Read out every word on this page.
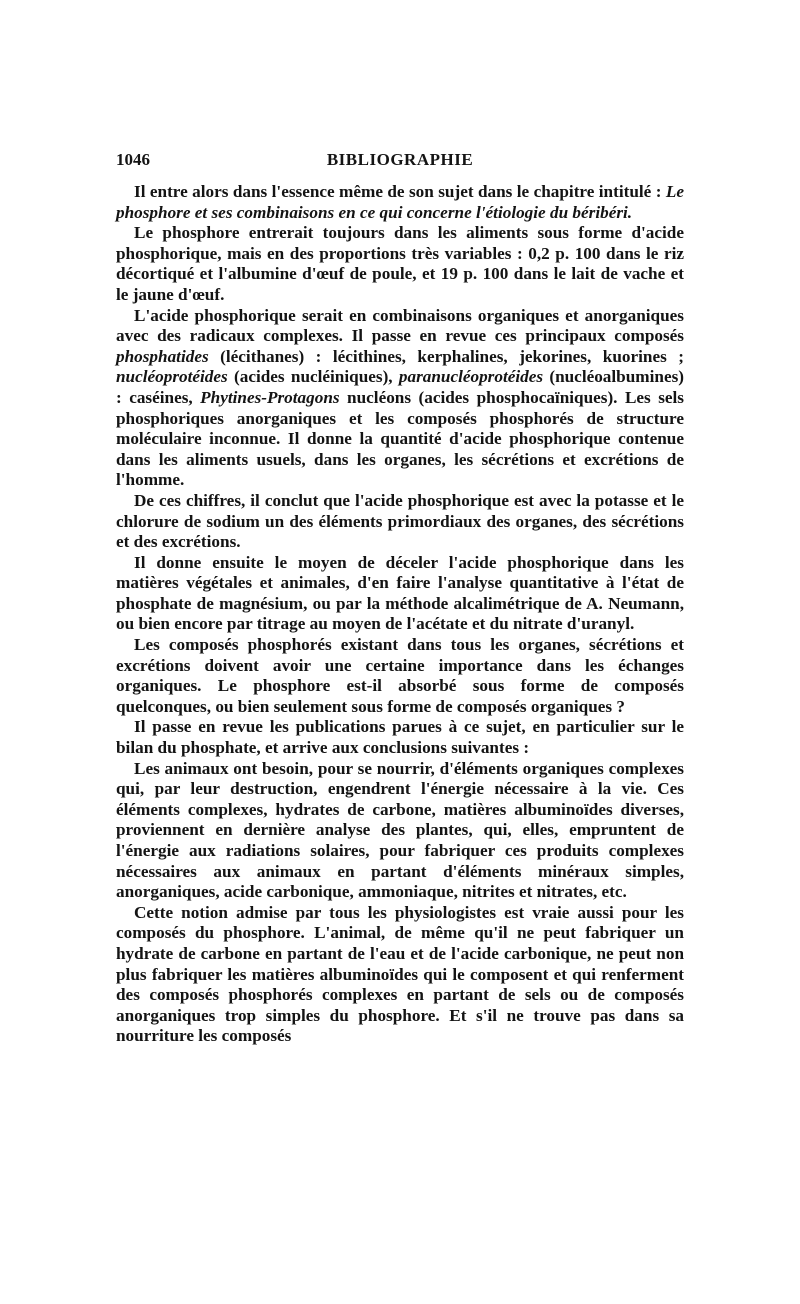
1046	BIBLIOGRAPHIE

Il entre alors dans l'essence même de son sujet dans le chapitre intitulé : Le phosphore et ses combinaisons en ce qui concerne l'étiologie du béribéri.

Le phosphore entrerait toujours dans les aliments sous forme d'acide phosphorique, mais en des proportions très variables : 0,2 p. 100 dans le riz décortiqué et l'albumine d'œuf de poule, et 19 p. 100 dans le lait de vache et le jaune d'œuf.

L'acide phosphorique serait en combinaisons organiques et anorganiques avec des radicaux complexes. Il passe en revue ces principaux composés phosphatides (lécithanes) : lécithines, kerphalines, jekorines, kuorines ; nucléoprotéides (acides nucléiniques), paranucléoprotéides (nucléoalbumines) : caséines, Phytines-Protagons nucléons (acides phosphocaïniques). Les sels phosphoriques anorganiques et les composés phosphorés de structure moléculaire inconnue. Il donne la quantité d'acide phosphorique contenue dans les aliments usuels, dans les organes, les sécrétions et excrétions de l'homme.

De ces chiffres, il conclut que l'acide phosphorique est avec la potasse et le chlorure de sodium un des éléments primordiaux des organes, des sécrétions et des excrétions.

Il donne ensuite le moyen de déceler l'acide phosphorique dans les matières végétales et animales, d'en faire l'analyse quantitative à l'état de phosphate de magnésium, ou par la méthode alcalimétrique de A. Neumann, ou bien encore par titrage au moyen de l'acétate et du nitrate d'uranyl.

Les composés phosphorés existant dans tous les organes, sécrétions et excrétions doivent avoir une certaine importance dans les échanges organiques. Le phosphore est-il absorbé sous forme de composés quelconques, ou bien seulement sous forme de composés organiques ?

Il passe en revue les publications parues à ce sujet, en particulier sur le bilan du phosphate, et arrive aux conclusions suivantes :

Les animaux ont besoin, pour se nourrir, d'éléments organiques complexes qui, par leur destruction, engendrent l'énergie nécessaire à la vie. Ces éléments complexes, hydrates de carbone, matières albuminoïdes diverses, proviennent en dernière analyse des plantes, qui, elles, empruntent de l'énergie aux radiations solaires, pour fabriquer ces produits complexes nécessaires aux animaux en partant d'éléments minéraux simples, anorganiques, acide carbonique, ammoniaque, nitrites et nitrates, etc.

Cette notion admise par tous les physiologistes est vraie aussi pour les composés du phosphore. L'animal, de même qu'il ne peut fabriquer un hydrate de carbone en partant de l'eau et de l'acide carbonique, ne peut non plus fabriquer les matières albuminoïdes qui le composent et qui renferment des composés phosphorés complexes en partant de sels ou de composés anorganiques trop simples du phosphore. Et s'il ne trouve pas dans sa nourriture les composés
